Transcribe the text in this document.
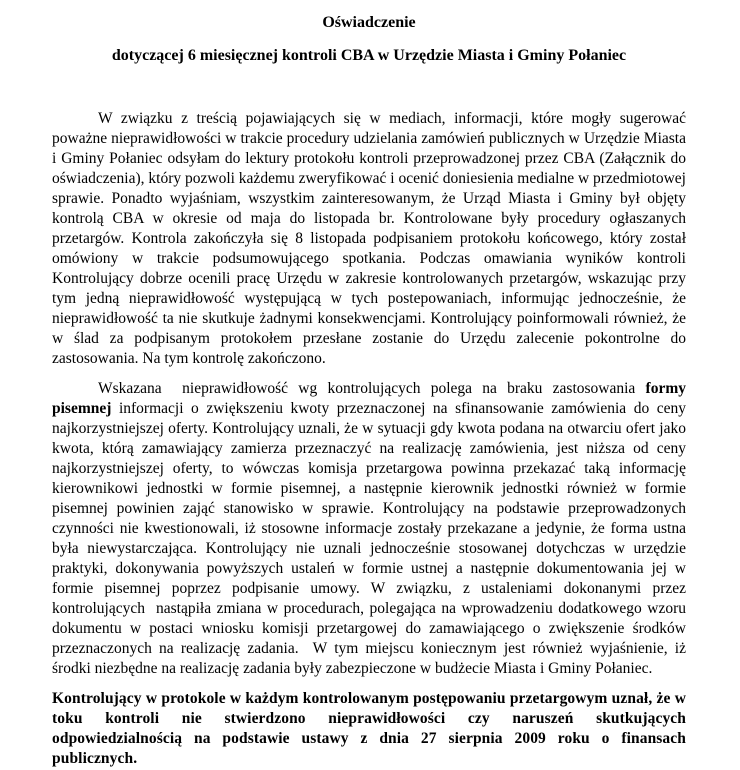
Oświadczenie
dotyczącej 6 miesięcznej kontroli CBA w Urzędzie Miasta i Gminy Połaniec

W związku z treścią pojawiających się w mediach, informacji, które mogły sugerować poważne nieprawidłowości w trakcie procedury udzielania zamówień publicznych w Urzędzie Miasta i Gminy Połaniec odsyłam do lektury protokołu kontroli przeprowadzonej przez CBA (Załącznik do oświadczenia), który pozwoli każdemu zweryfikować i ocenić doniesienia medialne w przedmiotowej sprawie. Ponadto wyjaśniam, wszystkim zainteresowanym, że Urząd Miasta i Gminy był objęty kontrolą CBA w okresie od maja do listopada br. Kontrolowane były procedury ogłaszanych przetargów. Kontrola zakończyła się 8 listopada podpisaniem protokołu końcowego, który został omówiony w trakcie podsumowującego spotkania. Podczas omawiania wyników kontroli Kontrolujący dobrze ocenili pracę Urzędu w zakresie kontrolowanych przetargów, wskazując przy tym jedną nieprawidłowość występującą w tych postepowaniach, informując jednocześnie, że nieprawidłowość ta nie skutkuje żadnymi konsekwencjami. Kontrolujący poinformowali również, że w ślad za podpisanym protokołem przesłane zostanie do Urzędu zalecenie pokontrolne do zastosowania. Na tym kontrolę zakończono.

Wskazana  nieprawidłowość wg kontrolujących polega na braku zastosowania formy pisemnej informacji o zwiększeniu kwoty przeznaczonej na sfinansowanie zamówienia do ceny najkorzystniejszej oferty. Kontrolujący uznali, że w sytuacji gdy kwota podana na otwarciu ofert jako kwota, którą zamawiający zamierza przeznaczyć na realizację zamówienia, jest niższa od ceny najkorzystniejszej oferty, to wówczas komisja przetargowa powinna przekazać taką informację kierownikowi jednostki w formie pisemnej, a następnie kierownik jednostki również w formie pisemnej powinien zająć stanowisko w sprawie. Kontrolujący na podstawie przeprowadzonych czynności nie kwestionowali, iż stosowne informacje zostały przekazane a jedynie, że forma ustna była niewystarczająca. Kontrolujący nie uznali jednocześnie stosowanej dotychczas w urzędzie praktyki, dokonywania powyższych ustaleń w formie ustnej a następnie dokumentowania jej w formie pisemnej poprzez podpisanie umowy. W związku, z ustaleniami dokonanymi przez kontrolujących  nastąpiła zmiana w procedurach, polegająca na wprowadzeniu dodatkowego wzoru dokumentu w postaci wniosku komisji przetargowej do zamawiającego o zwiększenie środków przeznaczonych na realizację zadania.  W tym miejscu koniecznym jest również wyjaśnienie, iż środki niezbędne na realizację zadania były zabezpieczone w budżecie Miasta i Gminy Połaniec.

Kontrolujący w protokole w każdym kontrolowanym postępowaniu przetargowym uznał, że w toku kontroli nie stwierdzono nieprawidłowości czy naruszeń skutkujących odpowiedzialnością na podstawie ustawy z dnia 27 sierpnia 2009 roku o finansach publicznych.
